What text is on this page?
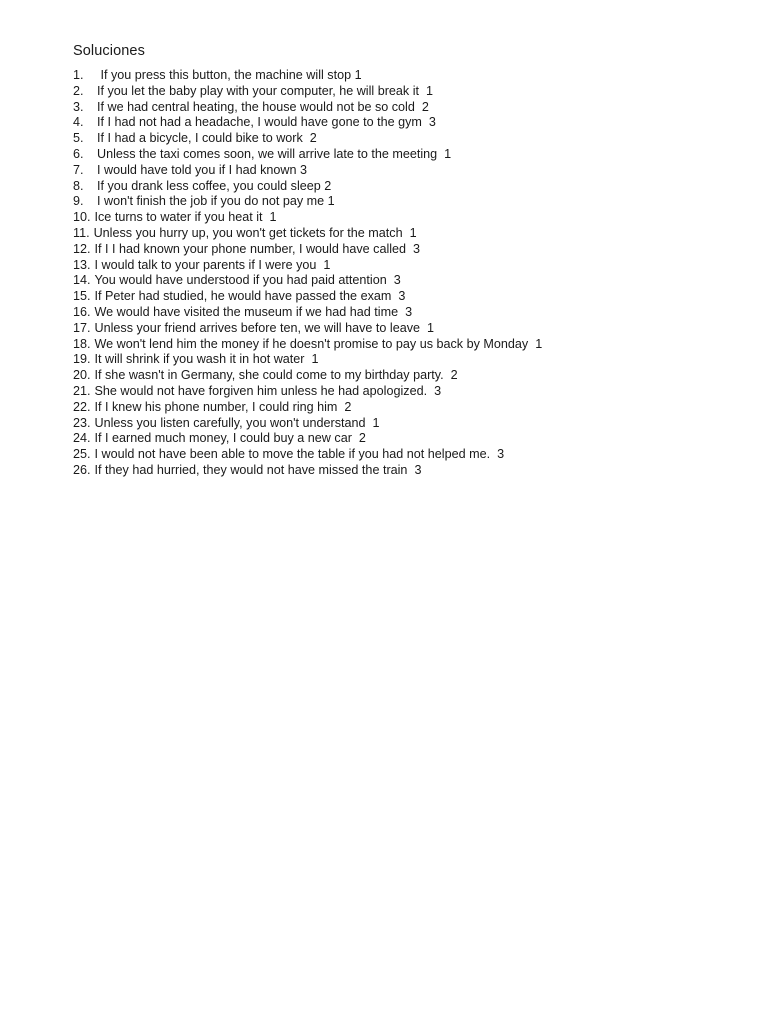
Soluciones
1.	If you press this button, the machine will stop 1
2.	If you let the baby play with your computer, he will break it  1
3.	If we had central heating, the house would not be so cold  2
4.	If I had not had a headache, I would have gone to the gym  3
5.	If I had a bicycle, I could bike to work  2
6.	Unless the taxi comes soon, we will arrive late to the meeting  1
7.	I would have told you if I had known 3
8.	If you drank less coffee, you could sleep 2
9.	I won't finish the job if you do not pay me 1
10. Ice turns to water if you heat it  1
11. Unless you hurry up, you won't get tickets for the match  1
12. If I I had known your phone number, I would have called  3
13. I would talk to your parents if I were you  1
14. You would have understood if you had paid attention  3
15. If Peter had studied, he would have passed the exam  3
16. We would have visited the museum if we had had time  3
17. Unless your friend arrives before ten, we will have to leave  1
18. We won't lend him the money if he doesn't promise to pay us back by Monday  1
19. It will shrink if you wash it in hot water  1
20. If she wasn't in Germany, she could come to my birthday party.  2
21. She would not have forgiven him unless he had apologized.  3
22. If I knew his phone number, I could ring him  2
23. Unless you listen carefully, you won't understand  1
24. If I earned much money, I could buy a new car  2
25. I would not have been able to move the table if you had not helped me.  3
26. If they had hurried, they would not have missed the train  3
